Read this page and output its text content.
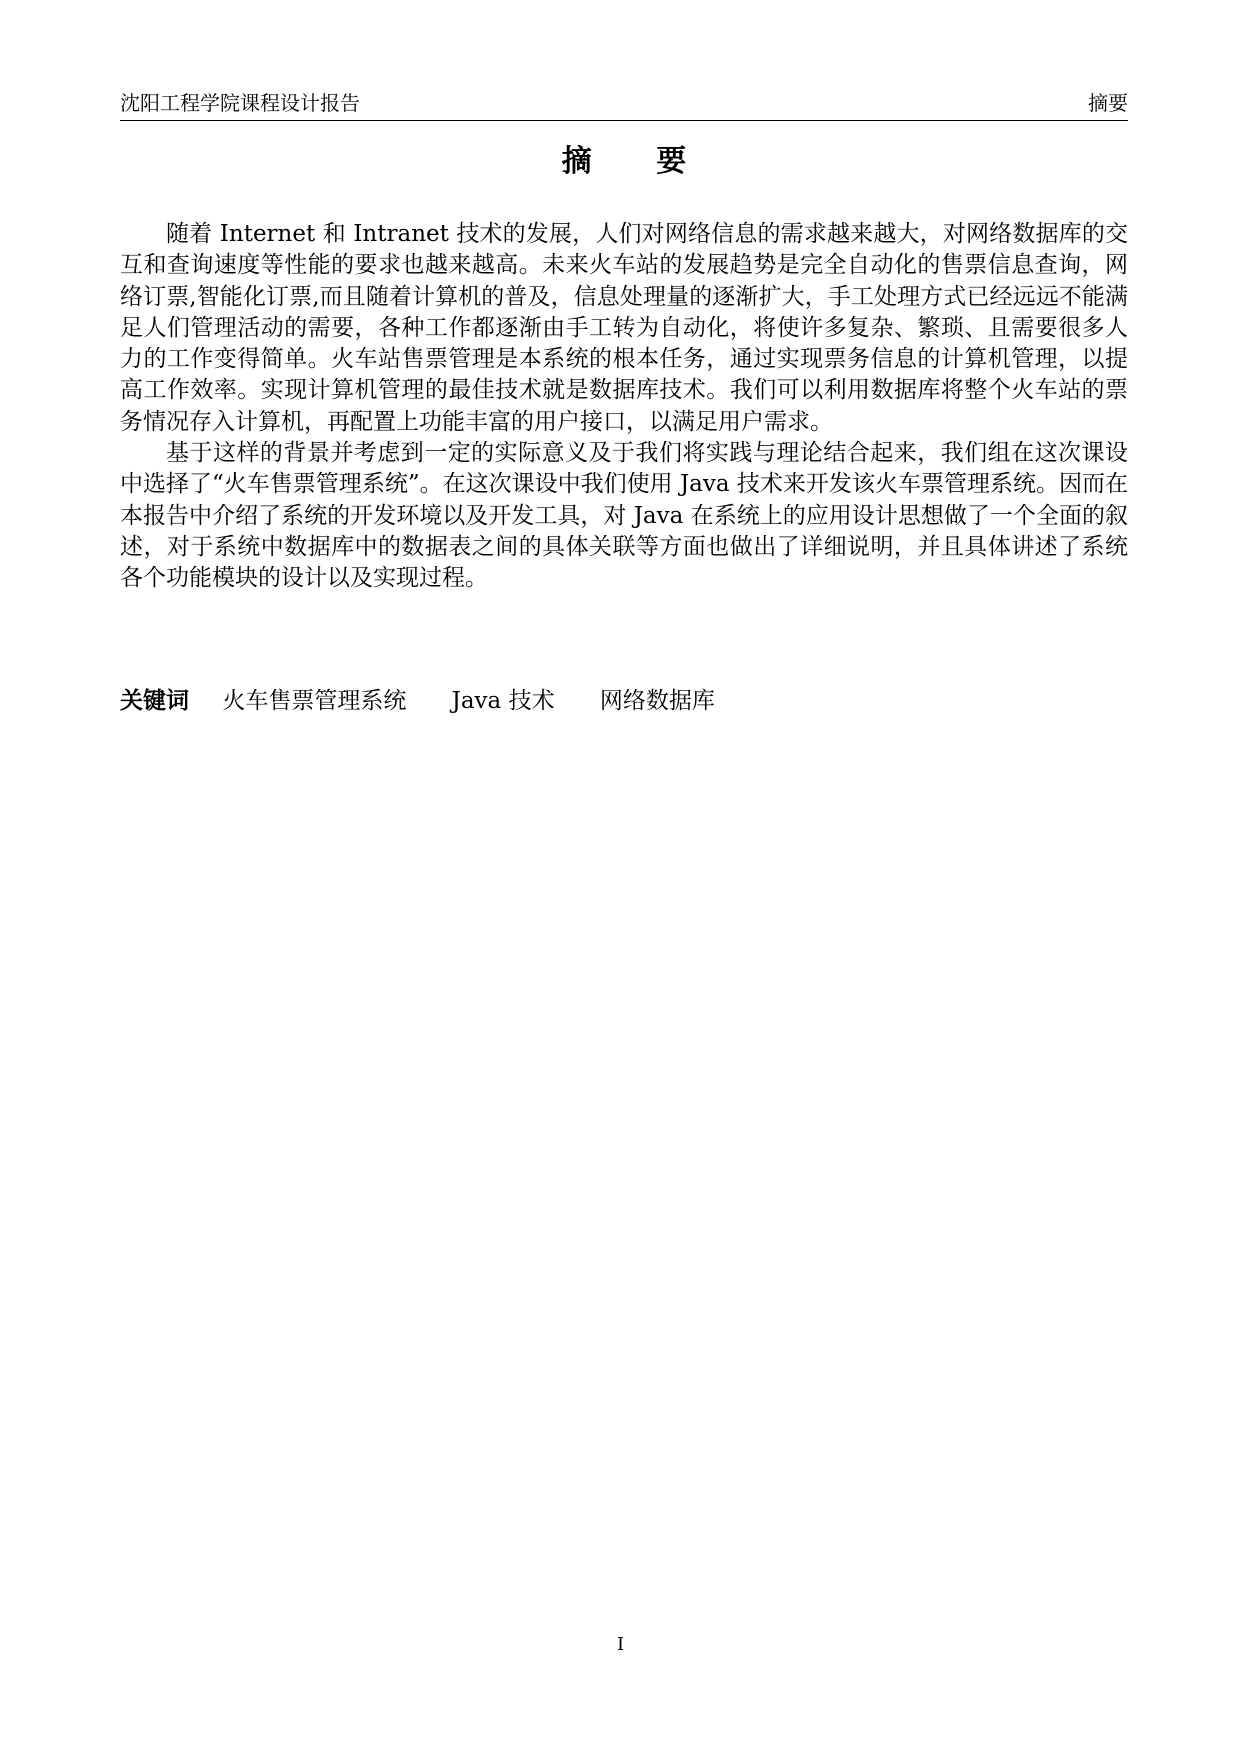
沈阳工程学院课程设计报告	摘要
摘 要

随着 Internet 和 Intranet 技术的发展，人们对网络信息的需求越来越大，对网络数据库的交互和查询速度等性能的要求也越来越高。未来火车站的发展趋势是完全自动化的售票信息查询，网络订票,智能化订票,而且随着计算机的普及，信息处理量的逐渐扩大，手工处理方式已经远远不能满足人们管理活动的需要，各种工作都逐渐由手工转为自动化，将使许多复杂、繁琐、且需要很多人力的工作变得简单。火车站售票管理是本系统的根本任务，通过实现票务信息的计算机管理，以提高工作效率。实现计算机管理的最佳技术就是数据库技术。我们可以利用数据库将整个火车站的票务情况存入计算机，再配置上功能丰富的用户接口，以满足用户需求。

基于这样的背景并考虑到一定的实际意义及于我们将实践与理论结合起来，我们组在这次课设中选择了“火车售票管理系统”。在这次课设中我们使用 Java 技术来开发该火车票管理系统。因而在本报告中介绍了系统的开发环境以及开发工具，对 Java 在系统上的应用设计思想做了一个全面的叙述，对于系统中数据库中的数据表之间的具体关联等方面也做出了详细说明，并且具体讲述了系统各个功能模块的设计以及实现过程。

关键词 火车售票管理系统 Java 技术 网络数据库
I
